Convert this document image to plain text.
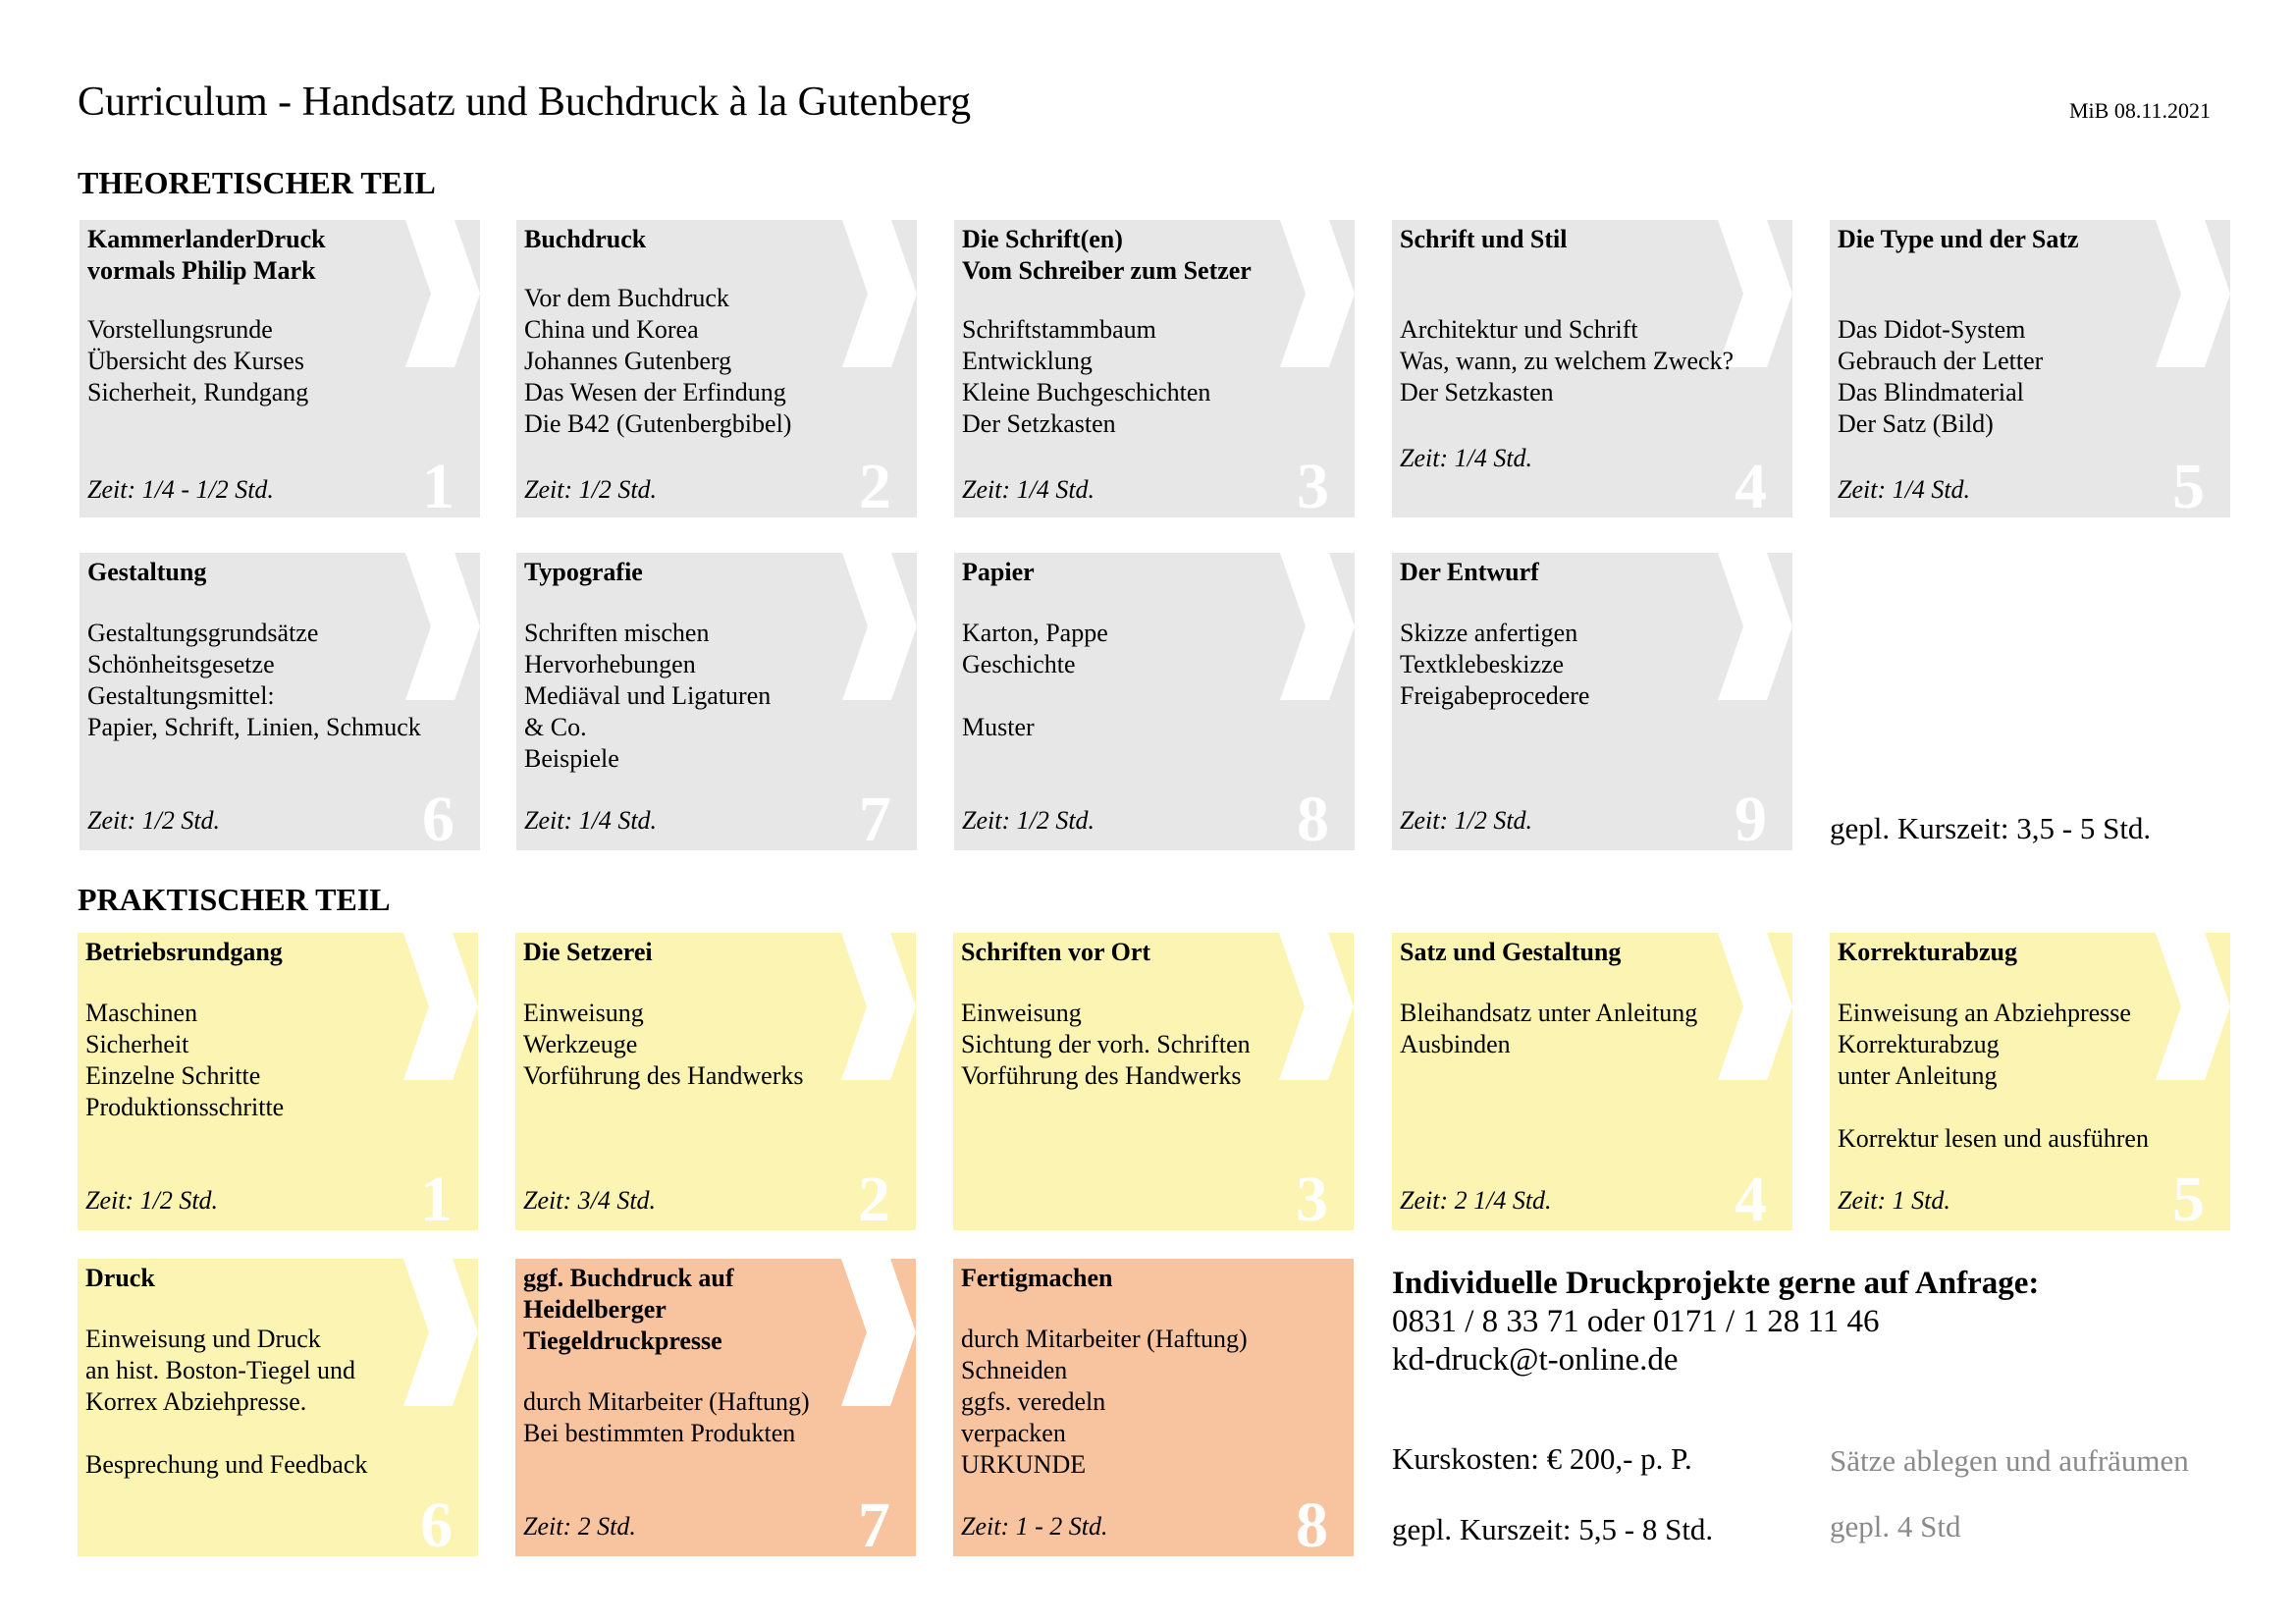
Curriculum - Handsatz und Buchdruck à la Gutenberg	MiB 08.11.2021
THEORETISCHER TEIL
KammerlanderDruck
vormals Philip Mark
Vorstellungsrunde
Übersicht des Kurses
Sicherheit, Rundgang
Zeit: 1/4 - 1/2 Std. 1
Buchdruck
Vor dem Buchdruck
China und Korea
Johannes Gutenberg
Das Wesen der Erfindung
Die B42 (Gutenbergbibel)
Zeit: 1/2 Std.	2
Die Schrift(en)
Vom Schreiber zum Setzer
Schriftstammbaum
Entwicklung
Kleine Buchgeschichten
Der Setzkasten
Zeit: 1/4 Std.	3
Schrift und Stil
Architektur und Schrift
Was, wann, zu welchem Zweck?
Der Setzkasten
Zeit: 1/4 Std.	4
Die Type und der Satz
Das Didot-System
Gebrauch der Letter
Das Blindmaterial
Der Satz (Bild)
Zeit: 1/4 Std.	5
Gestaltung
Gestaltungsgrundsätze
Schönheitsgesetze
Gestaltungsmittel:
Papier, Schrift, Linien, Schmuck
Zeit: 1/2 Std.	6
Typografie
Schriften mischen
Hervorhebungen
Mediäval und Ligaturen
& Co.
Beispiele
Zeit: 1/4 Std.	7
Papier
Karton, Pappe
Geschichte

Muster
Zeit: 1/2 Std.	8
Der Entwurf
Skizze anfertigen
Textklebeskizze
Freigabeprocedere
Zeit: 1/2 Std.	9 gepl. Kurszeit: 3,5 - 5 Std.
PRAKTISCHER TEIL
Betriebsrundgang
Maschinen
Sicherheit
Einzelne Schritte
Produktionsschritte
Zeit: 1/2 Std.	1
Die Setzerei
Einweisung
Werkzeuge
Vorführung des Handwerks
Zeit: 3/4 Std.	2
Schriften vor Ort
Einweisung
Sichtung der vorh. Schriften
Vorführung des Handwerks
3
Satz und Gestaltung
Bleihandsatz unter Anleitung
Ausbinden
Zeit: 2 1/4 Std.	4
Korrekturabzug
Einweisung an Abziehpresse
Korrekturabzug
unter Anleitung

Korrektur lesen und ausführen
Zeit: 1 Std.	5
Druck
Einweisung und Druck
an hist. Boston-Tiegel und
Korrex Abziehpresse.

Besprechung und Feedback
6
ggf. Buchdruck auf
Heidelberger
Tiegeldruckpresse
durch Mitarbeiter (Haftung)
Bei bestimmten Produkten
Zeit: 2 Std.	7
Fertigmachen
durch Mitarbeiter (Haftung)
Schneiden
ggfs. veredeln
verpacken
URKUNDE
Zeit: 1 - 2 Std.	8
Individuelle Druckprojekte gerne auf Anfrage:
0831 / 8 33 71 oder 0171 / 1 28 11 46
kd-druck@t-online.de
Kurskosten: € 200,- p. P.
gepl. Kurszeit: 5,5 - 8 Std.
Sätze ablegen und aufräumen
gepl. 4 Std
